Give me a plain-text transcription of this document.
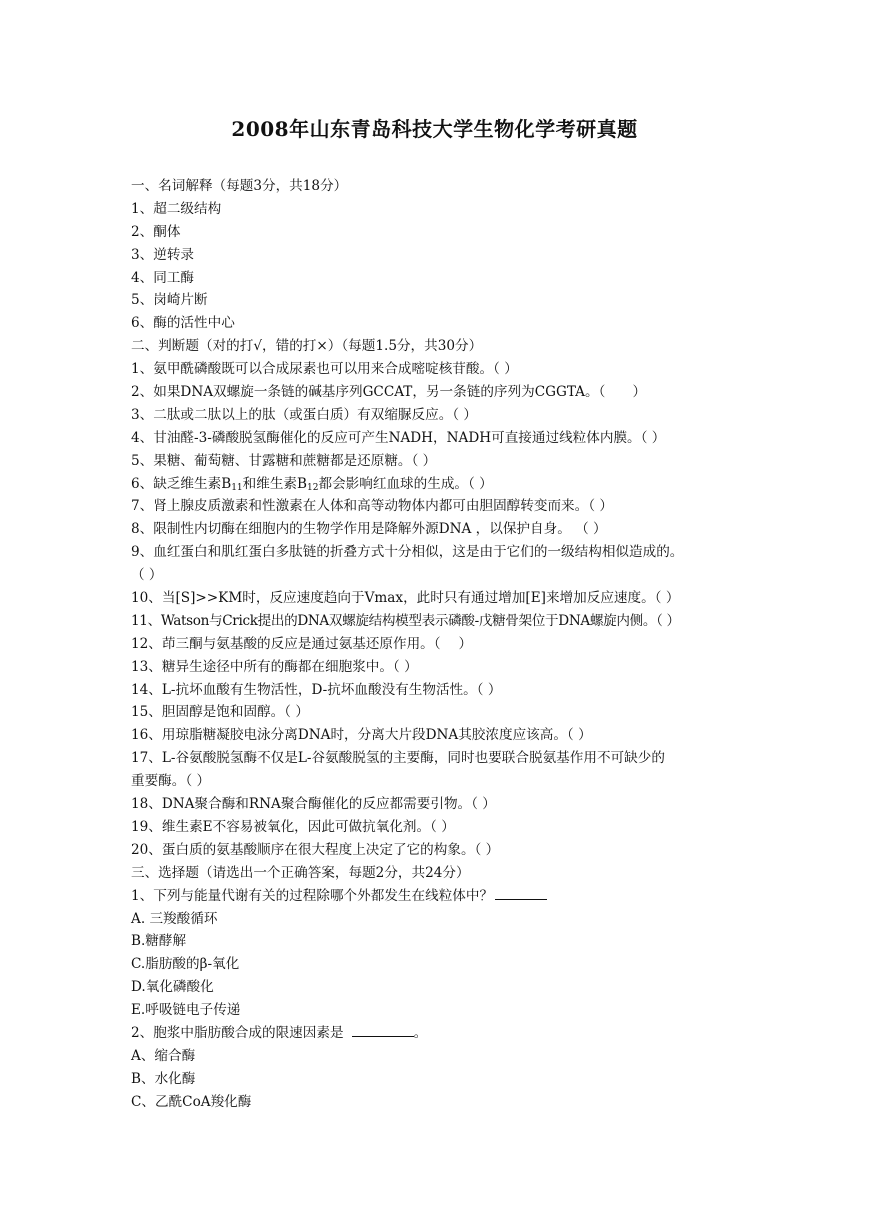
2008年山东青岛科技大学生物化学考研真题
一、名词解释（每题3分，共18分）
1、超二级结构
2、酮体
3、逆转录
4、同工酶
5、岗崎片断
6、酶的活性中心
二、判断题（对的打√，错的打×）（每题1.5分，共30分）
1、氨甲酰磷酸既可以合成尿素也可以用来合成嘧啶核苷酸。（ ）
2、如果DNA双螺旋一条链的碱基序列GCCAT，另一条链的序列为CGGTA。（　　）
3、二肽或二肽以上的肽（或蛋白质）有双缩脲反应。（ ）
4、甘油醛-3-磷酸脱氢酶催化的反应可产生NADH，NADH可直接通过线粒体内膜。（ ）
5、果糖、葡萄糖、甘露糖和蔗糖都是还原糖。（ ）
6、缺乏维生素$B_{11}$和维生素$B_{12}$都会影响红血球的生成。（ ）
7、肾上腺皮质激素和性激素在人体和高等动物体内都可由胆固醇转变而来。（ ）
8、限制性内切酶在细胞内的生物学作用是降解外源DNA ，以保护自身。 （ ）
9、血红蛋白和肌红蛋白多肽链的折叠方式十分相似，这是由于它们的一级结构相似造成的。
（ ）
10、当[S]>>KM时，反应速度趋向于Vmax，此时只有通过增加[E]来增加反应速度。（ ）
11、Watson与Crick提出的DNA双螺旋结构模型表示磷酸-戊糖骨架位于DNA螺旋内侧。（ ）
12、茚三酮与氨基酸的反应是通过氨基还原作用。（　 ）
13、糖异生途径中所有的酶都在细胞浆中。（ ）
14、L-抗坏血酸有生物活性，D-抗坏血酸没有生物活性。（ ）
15、胆固醇是饱和固醇。（ ）
16、用琼脂糖凝胶电泳分离DNA时，分离大片段DNA其胶浓度应该高。（ ）
17、L-谷氨酸脱氢酶不仅是L-谷氨酸脱氢的主要酶，同时也要联合脱氨基作用不可缺少的
重要酶。（ ）
18、DNA聚合酶和RNA聚合酶催化的反应都需要引物。（ ）
19、维生素E不容易被氧化，因此可做抗氧化剂。（ ）
20、蛋白质的氨基酸顺序在很大程度上决定了它的构象。（ ）
三、选择题（请选出一个正确答案，每题2分，共24分）
1、下列与能量代谢有关的过程除哪个外都发生在线粒体中？
A. 三羧酸循环
B.糖酵解
C.脂肪酸的β-氧化
D.氧化磷酸化
E.呼吸链电子传递
2、胞浆中脂肪酸合成的限速因素是	。
A、缩合酶
B、水化酶
C、乙酰CoA羧化酶
